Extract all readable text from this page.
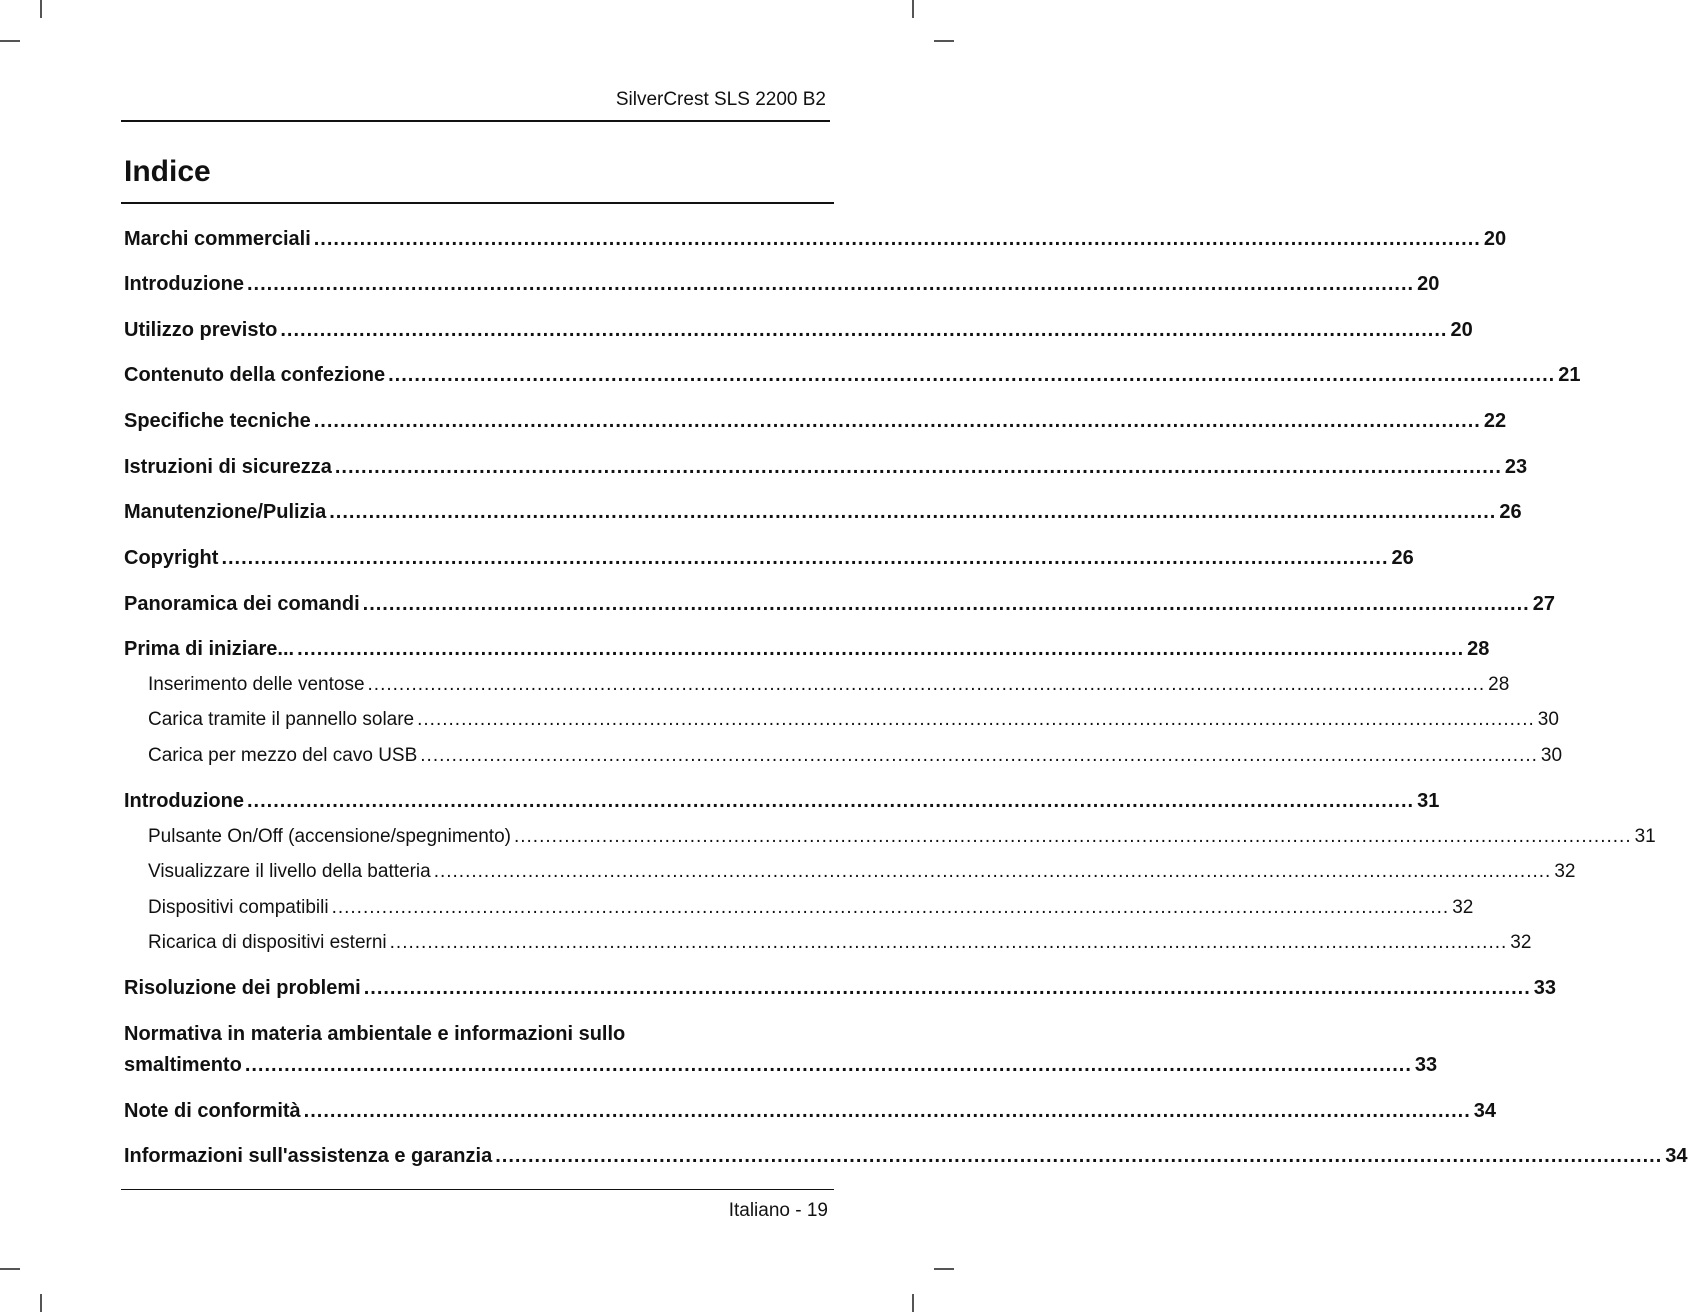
SilverCrest SLS 2200 B2
Indice
Marchi commerciali .................................................................................................................................................................................. 20
Introduzione .................................................................................................................................................................................. 20
Utilizzo previsto .................................................................................................................................................................................. 20
Contenuto della confezione .................................................................................................................................................................................. 21
Specifiche tecniche .................................................................................................................................................................................. 22
Istruzioni di sicurezza .................................................................................................................................................................................. 23
Manutenzione/Pulizia .................................................................................................................................................................................. 26
Copyright .................................................................................................................................................................................. 26
Panoramica dei comandi .................................................................................................................................................................................. 27
Prima di iniziare... .................................................................................................................................................................................. 28
Inserimento delle ventose .................................................................................................................................................................................. 28
Carica tramite il pannello solare .................................................................................................................................................................................. 30
Carica per mezzo del cavo USB .................................................................................................................................................................................. 30
Introduzione .................................................................................................................................................................................. 31
Pulsante On/Off (accensione/spegnimento) .................................................................................................................................................................................. 31
Visualizzare il livello della batteria .................................................................................................................................................................................. 32
Dispositivi compatibili .................................................................................................................................................................................. 32
Ricarica di dispositivi esterni .................................................................................................................................................................................. 32
Risoluzione dei problemi .................................................................................................................................................................................. 33
Normativa in materia ambientale e informazioni sullo
smaltimento .................................................................................................................................................................................. 33
Note di conformità .................................................................................................................................................................................. 34
Informazioni sull'assistenza e garanzia .................................................................................................................................................................................. 34
Italiano - 19
